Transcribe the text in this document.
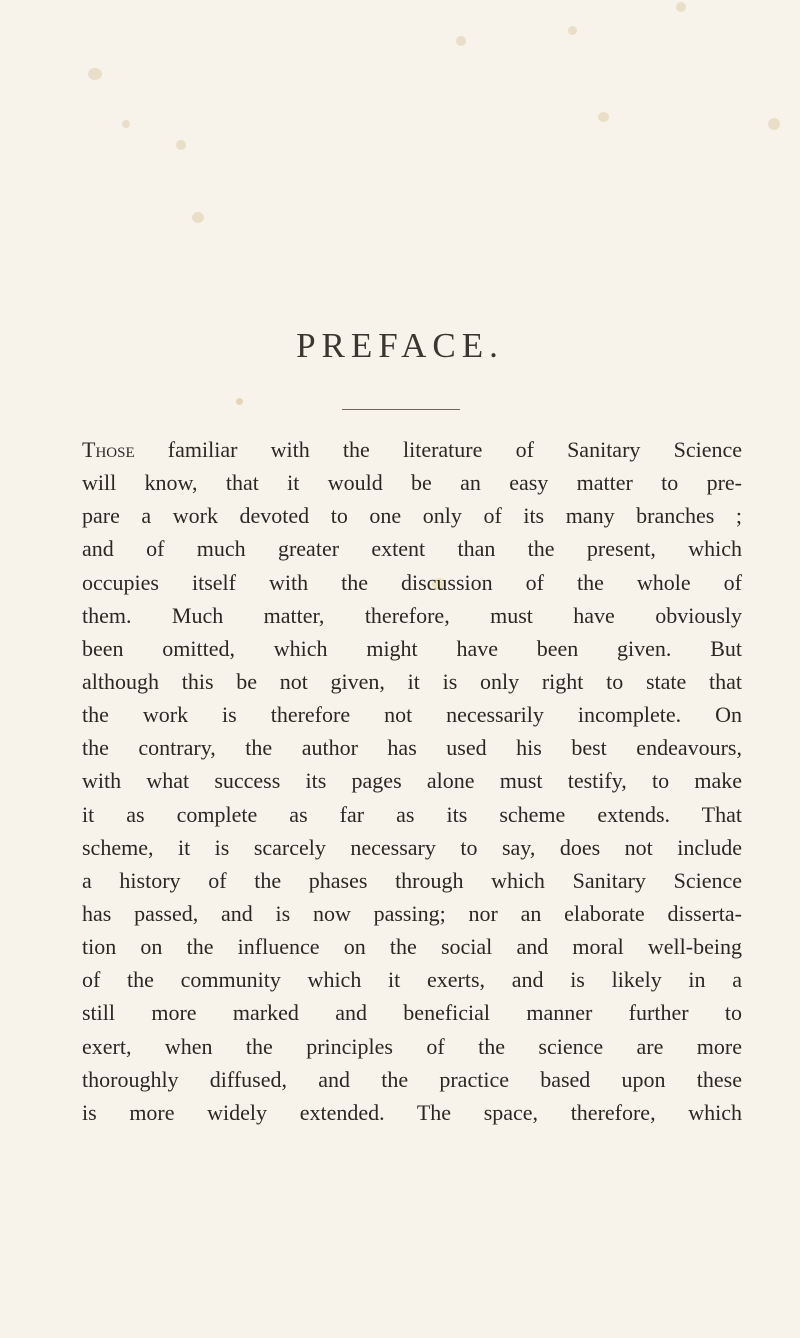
PREFACE.
Those familiar with the literature of Sanitary Science
will know, that it would be an easy matter to pre-
pare a work devoted to one only of its many branches ;
and of much greater extent than the present, which
occupies itself with the discussion of the whole of
them. Much matter, therefore, must have obviously
been omitted, which might have been given. But
although this be not given, it is only right to state that
the work is therefore not necessarily incomplete. On
the contrary, the author has used his best endeavours,
with what success its pages alone must testify, to make
it as complete as far as its scheme extends. That
scheme, it is scarcely necessary to say, does not include
a history of the phases through which Sanitary Science
has passed, and is now passing; nor an elaborate disserta-
tion on the influence on the social and moral well-being
of the community which it exerts, and is likely in a
still more marked and beneficial manner further to
exert, when the principles of the science are more
thoroughly diffused, and the practice based upon these
is more widely extended. The space, therefore, which
